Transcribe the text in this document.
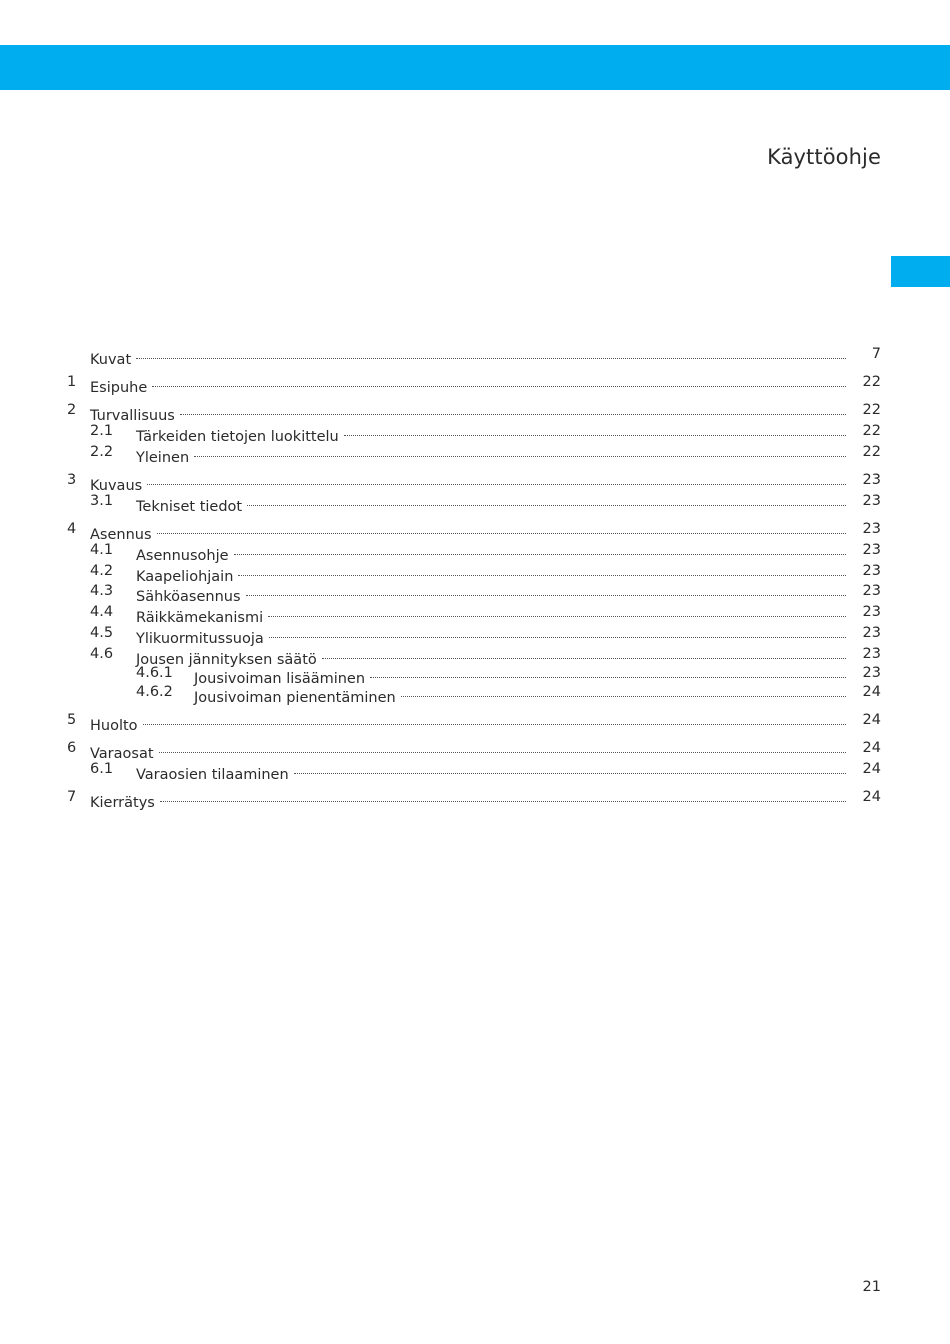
Käyttöohje
Kuvat	7
1 Esipuhe	22
2 Turvallisuus	22
2.1 Tärkeiden tietojen luokittelu	22
2.2 Yleinen	22
3 Kuvaus	23
3.1 Tekniset tiedot	23
4 Asennus	23
4.1 Asennusohje	23
4.2 Kaapeliohjain	23
4.3 Sähköasennus	23
4.4 Räikkämekanismi	23
4.5 Ylikuormitussuoja	23
4.6 Jousen jännityksen säätö	23
4.6.1 Jousivoiman lisääminen	23
4.6.2 Jousivoiman pienentäminen	24
5 Huolto	24
6 Varaosat	24
6.1 Varaosien tilaaminen	24
7 Kierrätys	24
21
